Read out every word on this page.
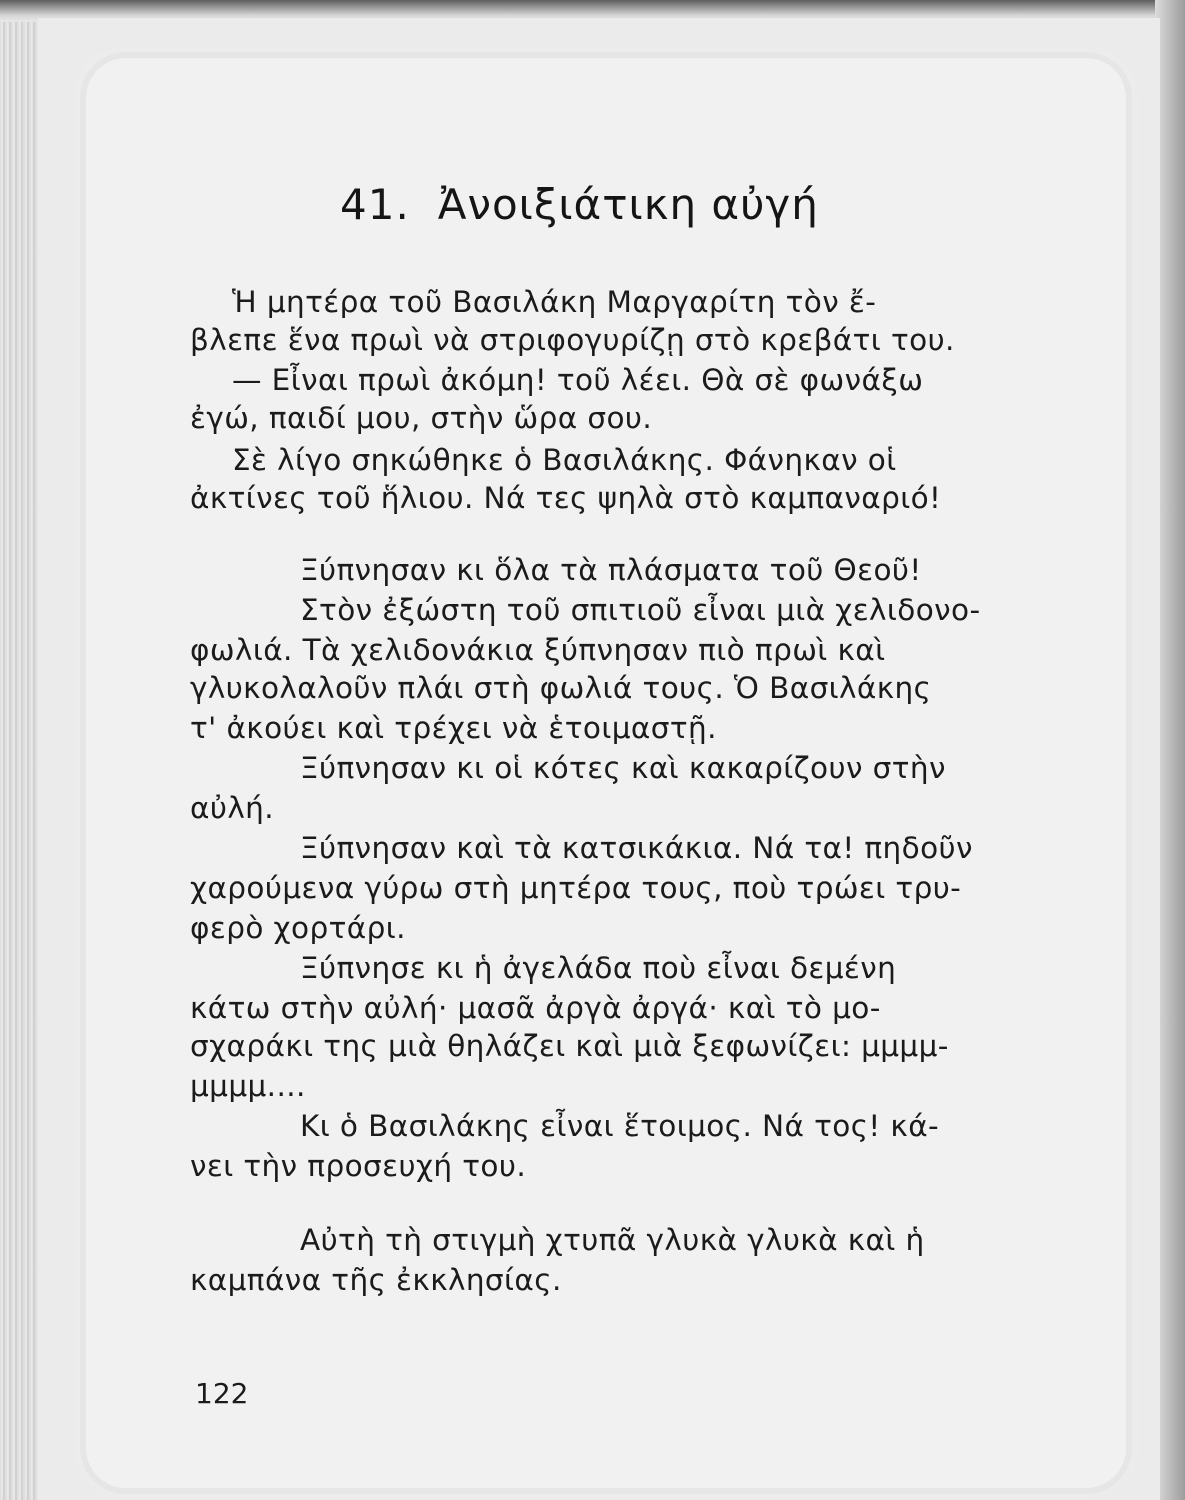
41. Ἀνοιξιάτικη αὐγή
Ἡ μητέρα τοῦ Βασιλάκη Μαργαρίτη τὸν ἔ-
βλεπε ἕνα πρωὶ νὰ στριφογυρίζῃ στὸ κρεβάτι του.
— Εἶναι πρωὶ ἀκόμη! τοῦ λέει. Θὰ σὲ φωνάξω
ἐγώ, παιδί μου, στὴν ὥρα σου.
Σὲ λίγο σηκώθηκε ὁ Βασιλάκης. Φάνηκαν οἱ
ἀκτίνες τοῦ ἥλιου. Νά τες ψηλὰ στὸ καμπαναριό!
Ξύπνησαν κι ὅλα τὰ πλάσματα τοῦ Θεοῦ!
Στὸν ἐξώστη τοῦ σπιτιοῦ εἶναι μιὰ χελιδονο-
φωλιά. Τὰ χελιδονάκια ξύπνησαν πιὸ πρωὶ καὶ
γλυκολαλοῦν πλάι στὴ φωλιά τους. Ὁ Βασιλάκης
τ' ἀκούει καὶ τρέχει νὰ ἑτοιμαστῇ.
Ξύπνησαν κι οἱ κότες καὶ κακαρίζουν στὴν
αὐλή.
Ξύπνησαν καὶ τὰ κατσικάκια. Νά τα! πηδοῦν
χαρούμενα γύρω στὴ μητέρα τους, ποὺ τρώει τρυ-
φερὸ χορτάρι.
Ξύπνησε κι ἡ ἀγελάδα ποὺ εἶναι δεμένη
κάτω στὴν αὐλή· μασᾶ ἀργὰ ἀργά· καὶ τὸ μο-
σχαράκι της μιὰ θηλάζει καὶ μιὰ ξεφωνίζει: μμμμ-
μμμμ....
Κι ὁ Βασιλάκης εἶναι ἕτοιμος. Νά τος! κά-
νει τὴν προσευχή του.
Αὐτὴ τὴ στιγμὴ χτυπᾶ γλυκὰ γλυκὰ καὶ ἡ
καμπάνα τῆς ἐκκλησίας.

122
